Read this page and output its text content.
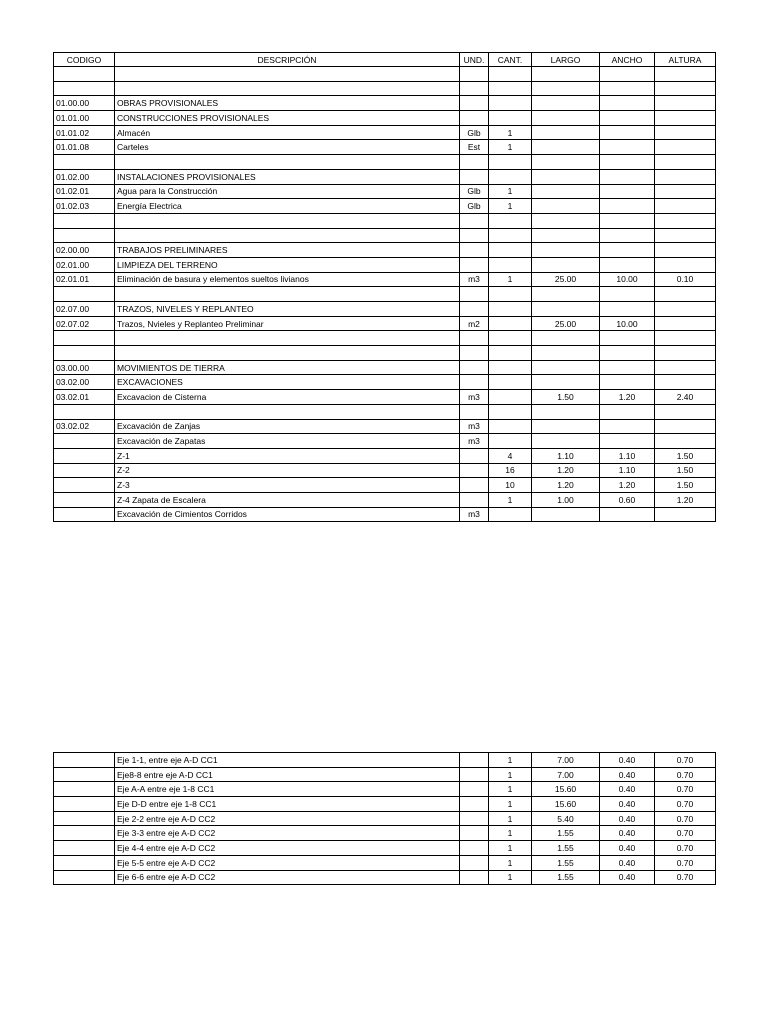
CODIGO	DESCRIPCIÓN	UND.	CANT.	LARGO	ANCHO	ALTURA

01.00.00	OBRAS PROVISIONALES					
01.01.00	CONSTRUCCIONES PROVISIONALES					
01.01.02	Almacén	Glb	1			
01.01.08	Carteles	Est	1			

01.02.00	INSTALACIONES PROVISIONALES					
01.02.01	Agua para la Construcción	Glb	1			
01.02.03	Energía Electrica	Glb	1			

02.00.00	TRABAJOS PRELIMINARES					
02.01.00	LIMPIEZA DEL TERRENO					
02.01.01	Eliminación de basura y elementos sueltos livianos	m3	1	25.00	10.00	0.10

02.07.00	TRAZOS, NIVELES Y REPLANTEO					
02.07.02	Trazos, Nvieles y Replanteo Preliminar	m2		25.00	10.00	

03.00.00	MOVIMIENTOS DE TIERRA					
03.02.00	EXCAVACIONES					
03.02.01	Excavacion de Cisterna	m3		1.50	1.20	2.40

03.02.02	Excavación de Zanjas	m3				
	Excavación de Zapatas	m3				
	Z-1		4	1.10	1.10	1.50
	Z-2		16	1.20	1.10	1.50
	Z-3		10	1.20	1.20	1.50
	Z-4 Zapata de Escalera		1	1.00	0.60	1.20
	Excavación de Cimientos Corridos	m3				
	Eje 1-1, entre eje A-D CC1		1	7.00	0.40	0.70
	Eje8-8 entre eje A-D CC1		1	7.00	0.40	0.70
	Eje A-A entre eje 1-8 CC1		1	15.60	0.40	0.70
	Eje D-D entre eje 1-8 CC1		1	15.60	0.40	0.70
	Eje 2-2 entre eje A-D CC2		1	5.40	0.40	0.70
	Eje 3-3 entre eje A-D CC2		1	1.55	0.40	0.70
	Eje 4-4 entre eje A-D CC2		1	1.55	0.40	0.70
	Eje 5-5 entre eje A-D CC2		1	1.55	0.40	0.70
	Eje 6-6 entre eje A-D CC2		1	1.55	0.40	0.70
